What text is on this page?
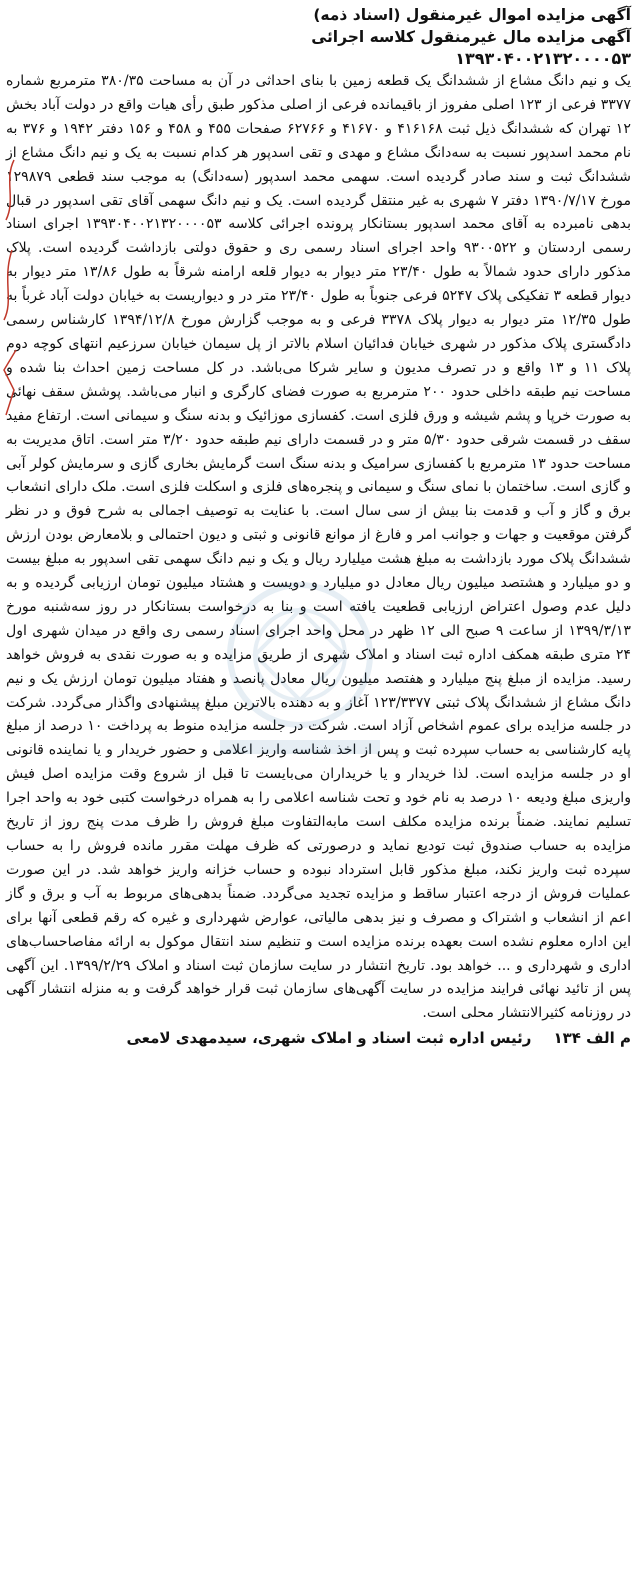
آگهی مزایده اموال غیرمنقول (اسناد ذمه)
آگهی مزایده مال غیرمنقول کلاسه اجرائی
۱۳۹۳۰۴۰۰۲۱۳۲۰۰۰۰۵۳

یک و نیم دانگ مشاع از ششدانگ یک قطعه زمین با بنای احداثی در آن به مساحت ۳۸۰/۳۵ مترمربع شماره ۳۳۷۷ فرعی از ۱۲۳ اصلی مفروز از باقیمانده فرعی از اصلی مذکور طبق رأی هیات واقع در دولت آباد بخش ۱۲ تهران که ششدانگ ذیل ثبت ۴۱۶۱۶۸ و ۴۱۶۷۰ و ۶۲۷۶۶ صفحات ۴۵۵ و ۴۵۸ و ۱۵۶ دفتر ۱۹۴۲ و ۳۷۶ به نام محمد اسدپور نسبت به سه‌دانگ مشاع و مهدی و تقی اسدپور هر کدام نسبت به یک و نیم دانگ مشاع از ششدانگ ثبت و سند صادر گردیده است. سهمی محمد اسدپور (سه‌دانگ) به موجب سند قطعی ۱۲۹۸۷۹ مورخ ۱۳۹۰/۷/۱۷ دفتر ۷ شهری به غیر منتقل گردیده است. یک و نیم دانگ سهمی آقای تقی اسدپور در قبال بدهی نامبرده به آقای محمد اسدپور بستانکار پرونده اجرائی کلاسه ۱۳۹۳۰۴۰۰۲۱۳۲۰۰۰۰۵۳ اجرای اسناد رسمی اردستان و ۹۳۰۰۵۲۲ واحد اجرای اسناد رسمی ری و حقوق دولتی بازداشت گردیده است. پلاک مذکور دارای حدود شمالاً به طول ۲۳/۴۰ متر دیوار به دیوار قلعه ارامنه شرقاً به طول ۱۳/۸۶ متر دیوار به دیوار قطعه ۳ تفکیکی پلاک ۵۲۴۷ فرعی جنوباً به طول ۲۳/۴۰ متر در و دیواریست به خیابان دولت آباد غرباً به طول ۱۲/۳۵ متر دیوار به دیوار پلاک ۳۳۷۸ فرعی و به موجب گزارش مورخ ۱۳۹۴/۱۲/۸ کارشناس رسمی دادگستری پلاک مذکور در شهری خیابان فدائیان اسلام بالاتر از پل سیمان خیابان سرزعیم انتهای کوچه دوم پلاک ۱۱ و ۱۳ واقع و در تصرف مدیون و سایر شرکا می‌باشد. در کل مساحت زمین احداث بنا شده و مساحت نیم طبقه داخلی حدود ۲۰۰ مترمربع به صورت فضای کارگری و انبار می‌باشد. پوشش سقف نهائی به صورت خرپا و پشم شیشه و ورق فلزی است. کفسازی موزائیک و بدنه سنگ و سیمانی است. ارتفاع مفید سقف در قسمت شرقی حدود ۵/۳۰ متر و در قسمت دارای نیم طبقه حدود ۳/۲۰ متر است. اتاق مدیریت به مساحت حدود ۱۳ مترمربع با کفسازی سرامیک و بدنه سنگ است گرمایش بخاری گازی و سرمایش کولر آبی و گازی است. ساختمان با نمای سنگ و سیمانی و پنجره‌های فلزی و اسکلت فلزی است. ملک دارای انشعاب برق و گاز و آب و قدمت بنا بیش از سی سال است. با عنایت به توصیف اجمالی به شرح فوق و در نظر گرفتن موقعیت و جهات و جوانب امر و فارغ از موانع قانونی و ثبتی و دیون احتمالی و بلامعارض بودن ارزش ششدانگ پلاک مورد بازداشت به مبلغ هشت میلیارد ریال و یک و نیم دانگ سهمی تقی اسدپور به مبلغ بیست و دو میلیارد و هشتصد میلیون ریال معادل دو میلیارد و دویست و هشتاد میلیون تومان ارزیابی گردیده و به دلیل عدم وصول اعتراض ارزیابی قطعیت یافته است و بنا به درخواست بستانکار در روز سه‌شنبه مورخ ۱۳۹۹/۳/۱۳ از ساعت ۹ صبح الی ۱۲ ظهر در محل واحد اجرای اسناد رسمی ری واقع در میدان شهری اول ۲۴ متری طبقه همکف اداره ثبت اسناد و املاک شهری از طریق مزایده و به صورت نقدی به فروش خواهد رسید. مزایده از مبلغ پنج میلیارد و هفتصد میلیون ریال معادل پانصد و هفتاد میلیون تومان ارزش یک و نیم دانگ مشاع از ششدانگ پلاک ثبتی ۱۲۳/۳۳۷۷ آغاز و به دهنده بالاترین مبلغ پیشنهادی واگذار می‌گردد. شرکت در جلسه مزایده برای عموم اشخاص آزاد است. شرکت در جلسه مزایده منوط به پرداخت ۱۰ درصد از مبلغ پایه کارشناسی به حساب سپرده ثبت و پس از اخذ شناسه واریز اعلامی و حضور خریدار و یا نماینده قانونی او در جلسه مزایده است. لذا خریدار و یا خریداران می‌بایست تا قبل از شروع وقت مزایده اصل فیش واریزی مبلغ ودیعه ۱۰ درصد به نام خود و تحت شناسه اعلامی را به همراه درخواست کتبی خود به واحد اجرا تسلیم نمایند. ضمناً برنده مزایده مکلف است مابه‌التفاوت مبلغ فروش را ظرف مدت پنج روز از تاریخ مزایده به حساب صندوق ثبت تودیع نماید و درصورتی که ظرف مهلت مقرر مانده فروش را به حساب سپرده ثبت واریز نکند، مبلغ مذکور قابل استرداد نبوده و حساب خزانه واریز خواهد شد. در این صورت عملیات فروش از درجه اعتبار ساقط و مزایده تجدید می‌گردد. ضمناً بدهی‌های مربوط به آب و برق و گاز اعم از انشعاب و اشتراک و مصرف و نیز بدهی مالیاتی، عوارض شهرداری و غیره که رقم قطعی آنها برای این اداره معلوم نشده است بعهده برنده مزایده است و تنظیم سند انتقال موکول به ارائه مفاصاحساب‌های اداری و شهرداری و ... خواهد بود. تاریخ انتشار در سایت سازمان ثبت اسناد و املاک ۱۳۹۹/۲/۲۹. این آگهی پس از تائید نهائی فرایند مزایده در سایت آگهی‌های سازمان ثبت قرار خواهد گرفت و به منزله انتشار آگهی در روزنامه کثیرالانتشار محلی است.

م الف ۱۳۴
رئیس اداره ثبت اسناد و املاک شهری، سیدمهدی لامعی
